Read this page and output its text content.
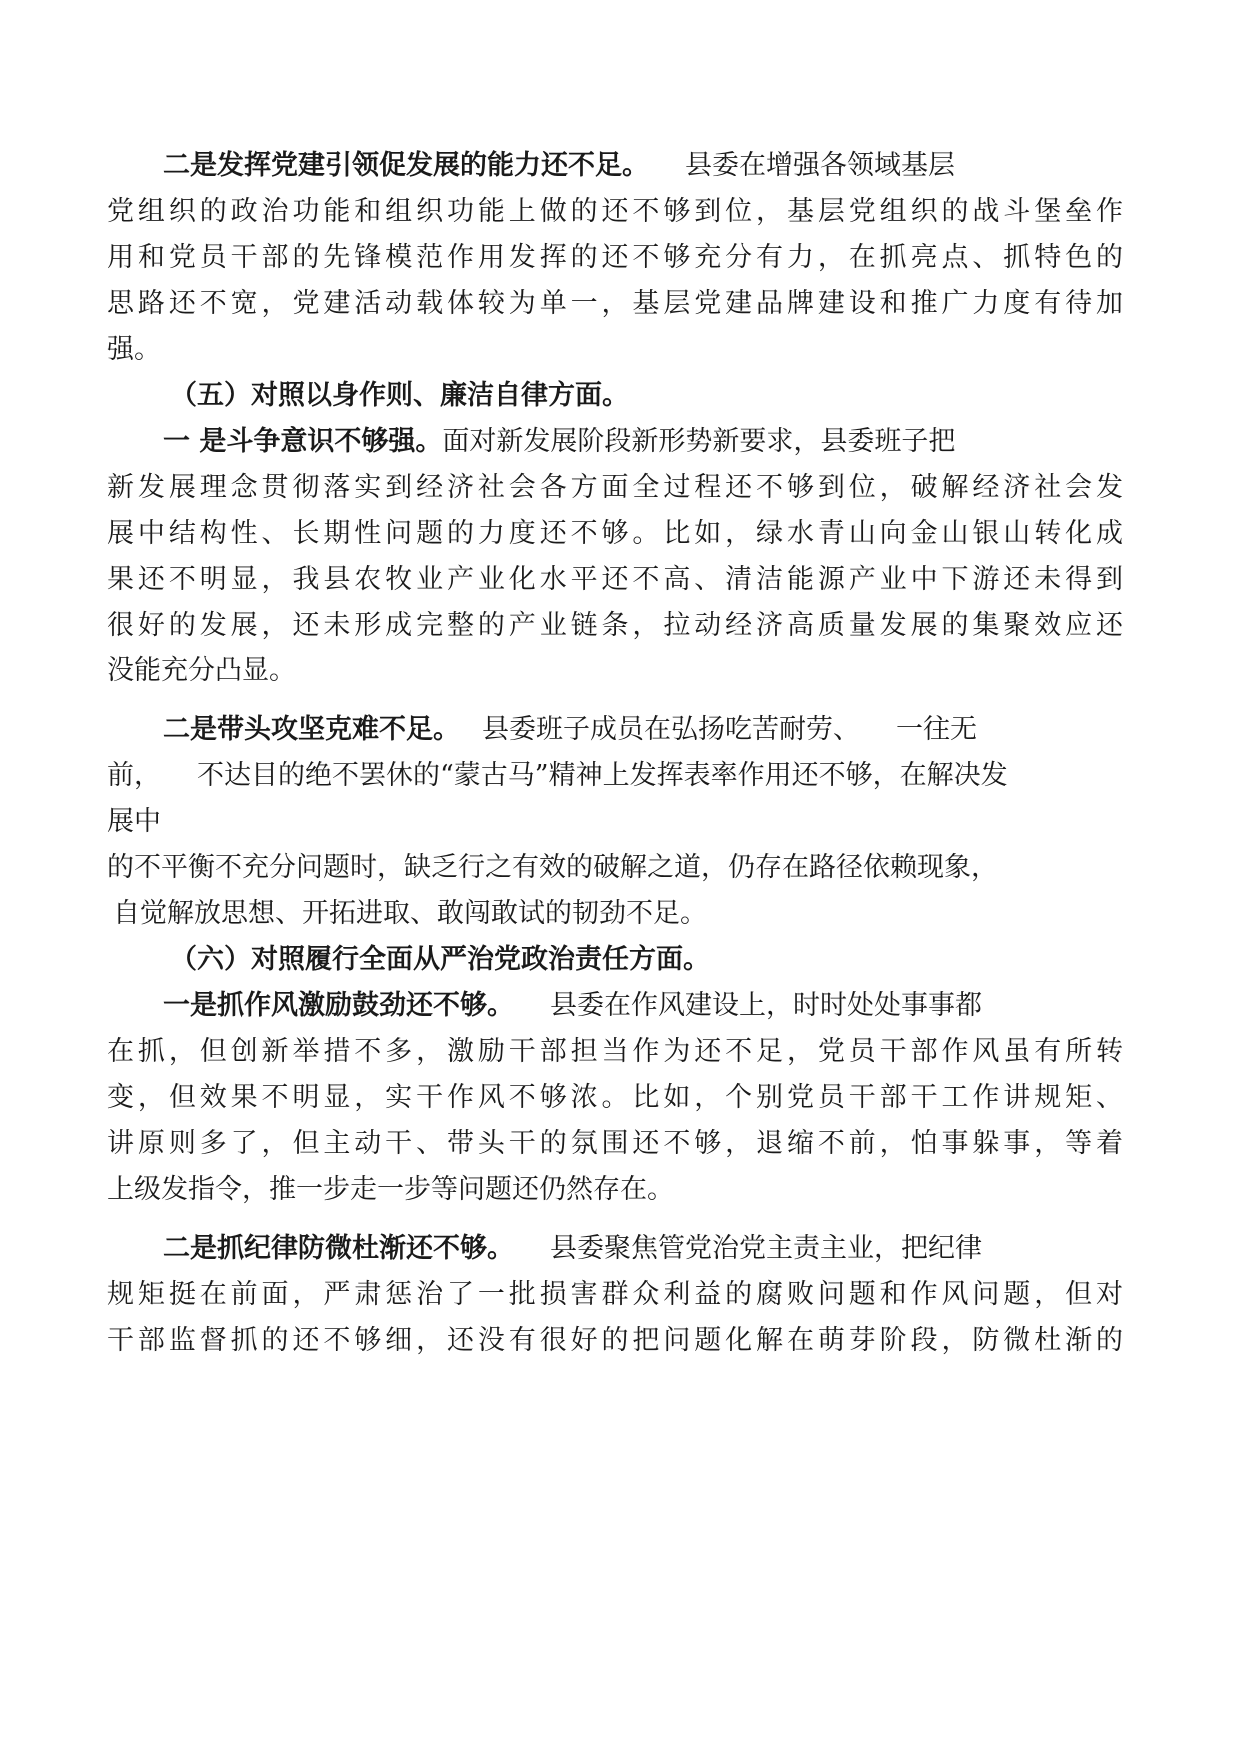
二是发挥党建引领促发展的能力还不足。 县委在增强各领域基层
党 组 织 的 政 治 功 能 和 组 织 功 能 上 做 的 还 不 够 到 位 ， 基 层 党 组 织 的 战 斗 堡 垒 作
用 和 党 员 干 部 的 先 锋 模 范 作 用 发 挥 的 还 不 够 充 分 有 力 ， 在 抓 亮 点 、 抓 特 色 的
思 路 还 不 宽 ， 党 建 活 动 载 体 较 为 单 一 ， 基 层 党 建 品 牌 建 设 和 推 广 力 度 有 待 加
强。
（五）对照以身作则、廉洁自律方面。
一 是斗争意识不够强。面对新发展阶段新形势新要求，县委班子把
新 发 展 理 念 贯 彻 落 实 到 经 济 社 会 各 方 面 全 过 程 还 不 够 到 位 ， 破 解 经 济 社 会 发
展 中 结 构 性 、 长 期 性 问 题 的 力 度 还 不 够 。 比 如 ， 绿 水 青 山 向 金 山 银 山 转 化 成
果 还 不 明 显 ， 我 县 农 牧 业 产 业 化 水 平 还 不 高 、 清 洁 能 源 产 业 中 下 游 还 未 得 到
很 好 的 发 展 ， 还 未 形 成 完 整 的 产 业 链 条 ， 拉 动 经 济 高 质 量 发 展 的 集 聚 效 应 还
没能充分凸显。
二是带头攻坚克难不足。 县委班子成员在弘扬吃苦耐劳、 一往无
前， 不达目的绝不罢休的“蒙古马”精神上发挥表率作用还不够，在解决发
展中
的不平衡不充分问题时，缺乏行之有效的破解之道，仍存在路径依赖现象，
自觉解放思想、开拓进取、敢闯敢试的韧劲不足。
（六）对照履行全面从严治党政治责任方面。
一是抓作风激励鼓劲还不够。 县委在作风建设上，时时处处事事都
在 抓 ， 但 创 新 举 措 不 多 ， 激 励 干 部 担 当 作 为 还 不 足 ， 党 员 干 部 作 风 虽 有 所 转
变 ， 但 效 果 不 明 显 ， 实 干 作 风 不 够 浓 。 比 如 ， 个 别 党 员 干 部 干 工 作 讲 规 矩 、
讲 原 则 多 了 ， 但 主 动 干 、 带 头 干 的 氛 围 还 不 够 ， 退 缩 不 前 ， 怕 事 躲 事 ， 等 着
上级发指令，推一步走一步等问题还仍然存在。
二是抓纪律防微杜渐还不够。 县委聚焦管党治党主责主业，把纪律
规 矩 挺 在 前 面 ， 严 肃 惩 治 了 一 批 损 害 群 众 利 益 的 腐 败 问 题 和 作 风 问 题 ， 但 对
干 部 监 督 抓 的 还 不 够 细 ， 还 没 有 很 好 的 把 问 题 化 解 在 萌 芽 阶 段 ， 防 微 杜 渐 的
